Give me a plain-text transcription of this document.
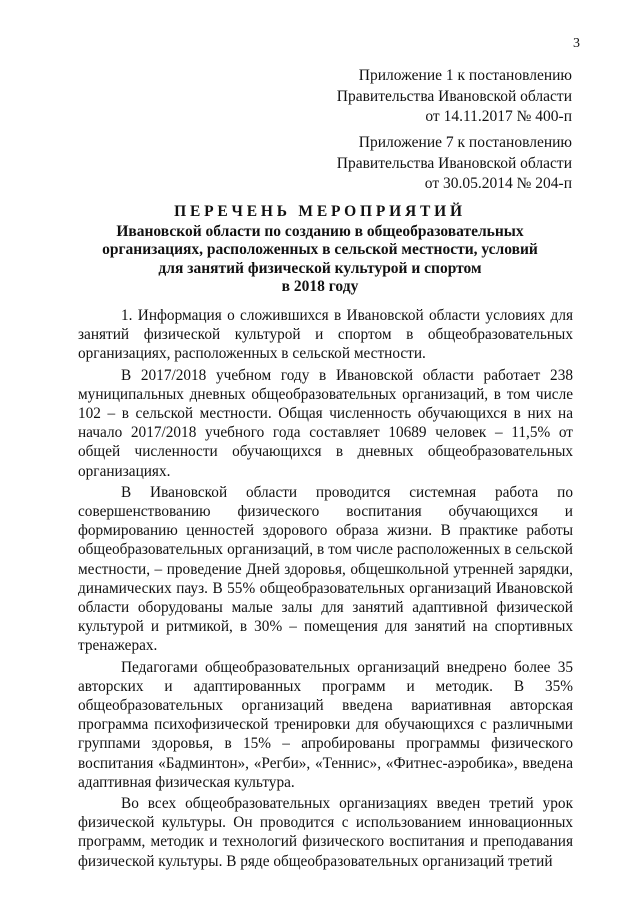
3
Приложение 1 к постановлению
Правительства Ивановской области
от 14.11.2017 № 400-п
Приложение 7 к постановлению
Правительства Ивановской области
от 30.05.2014 № 204-п
ПЕРЕЧЕНЬ МЕРОПРИЯТИЙ
Ивановской области по созданию в общеобразовательных
организациях, расположенных в сельской местности, условий
для занятий физической культурой и спортом
в 2018 году

1. Информация о сложившихся в Ивановской области условиях для занятий физической культурой и спортом в общеобразовательных организациях, расположенных в сельской местности.

В 2017/2018 учебном году в Ивановской области работает 238 муниципальных дневных общеобразовательных организаций, в том числе 102 – в сельской местности. Общая численность обучающихся в них на начало 2017/2018 учебного года составляет 10689 человек – 11,5% от общей численности обучающихся в дневных общеобразовательных организациях.

В Ивановской области проводится системная работа по совершенствованию физического воспитания обучающихся и формированию ценностей здорового образа жизни. В практике работы общеобразовательных организаций, в том числе расположенных в сельской местности, – проведение Дней здоровья, общешкольной утренней зарядки, динамических пауз. В 55% общеобразовательных организаций Ивановской области оборудованы малые залы для занятий адаптивной физической культурой и ритмикой, в 30% – помещения для занятий на спортивных тренажерах.

Педагогами общеобразовательных организаций внедрено более 35 авторских и адаптированных программ и методик. В 35% общеобразовательных организаций введена вариативная авторская программа психофизической тренировки для обучающихся с различными группами здоровья, в 15% – апробированы программы физического воспитания «Бадминтон», «Регби», «Теннис», «Фитнес-аэробика», введена адаптивная физическая культура.

Во всех общеобразовательных организациях введен третий урок физической культуры. Он проводится с использованием инновационных программ, методик и технологий физического воспитания и преподавания физической культуры. В ряде общеобразовательных организаций третий
